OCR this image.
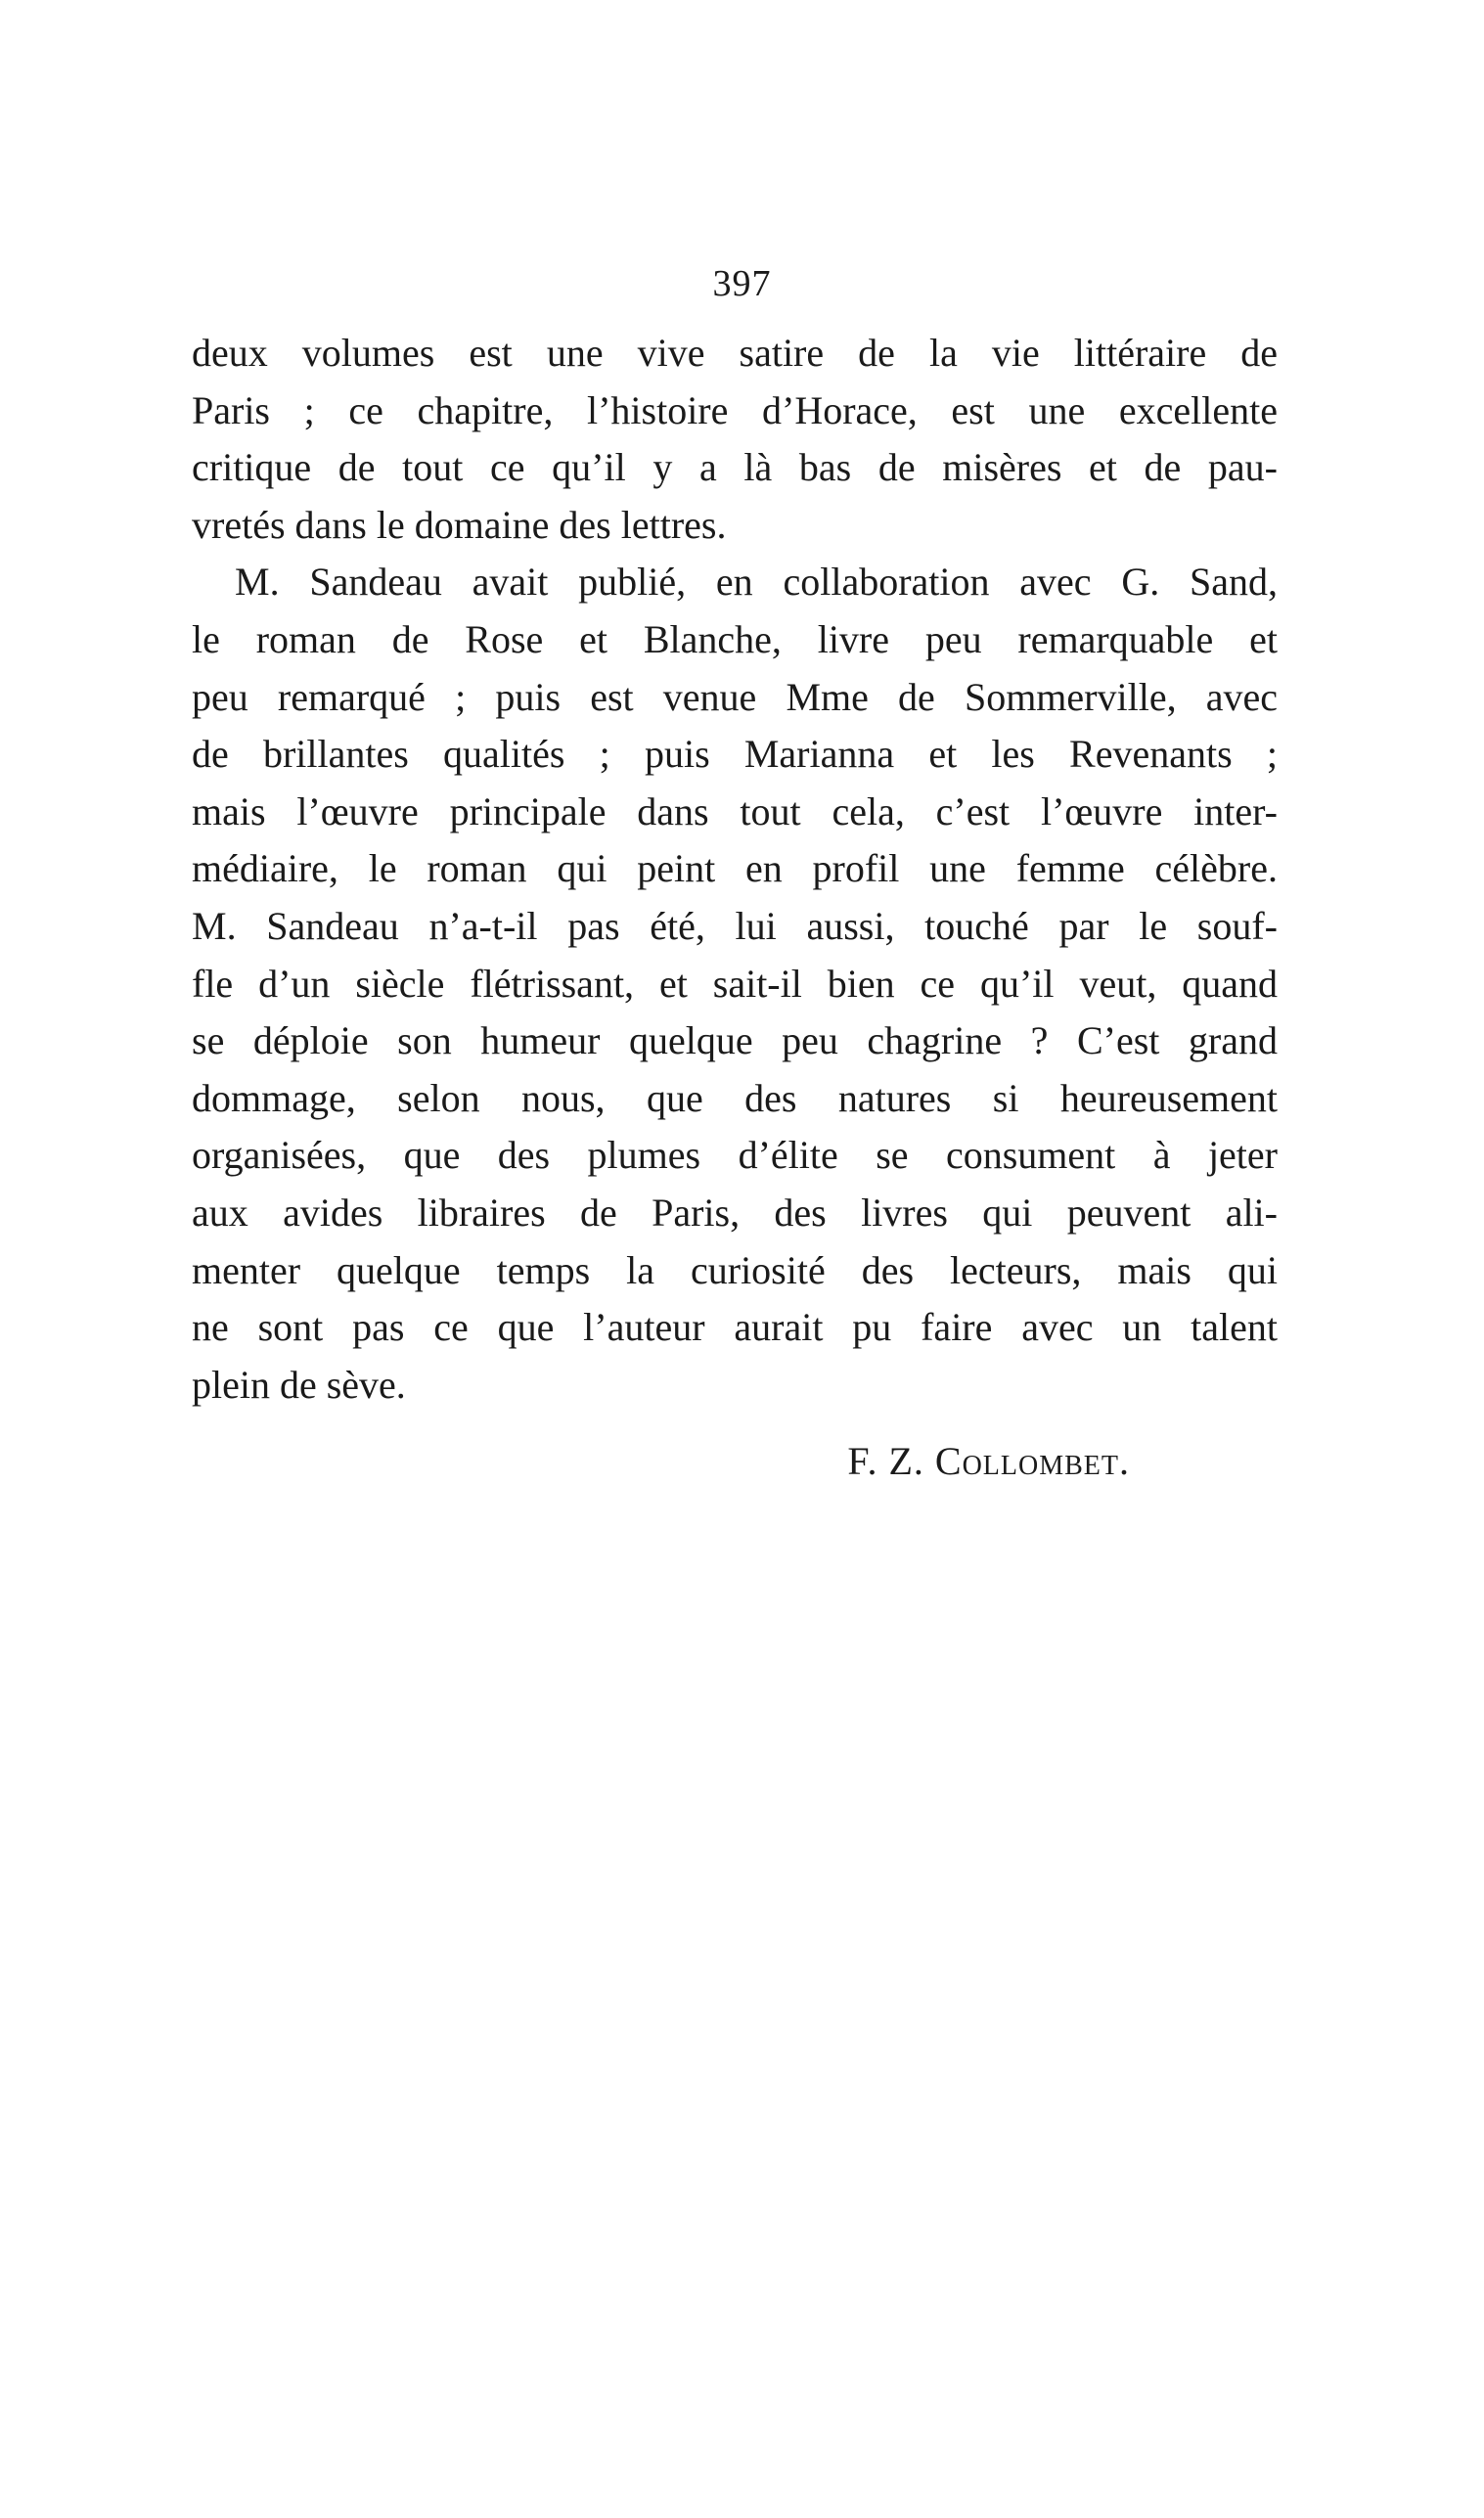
397
deux volumes est une vive satire de la vie littéraire de
Paris ; ce chapitre, l’histoire d’Horace, est une excellente
critique de tout ce qu’il y a là bas de misères et de pau-
vretés dans le domaine des lettres.
M. Sandeau avait publié, en collaboration avec G. Sand,
le roman de Rose et Blanche, livre peu remarquable et
peu remarqué ; puis est venue Mme de Sommerville, avec
de brillantes qualités ; puis Marianna et les Revenants ;
mais l’œuvre principale dans tout cela, c’est l’œuvre inter-
médiaire, le roman qui peint en profil une femme célèbre.
M. Sandeau n’a-t-il pas été, lui aussi, touché par le souf-
fle d’un siècle flétrissant, et sait-il bien ce qu’il veut, quand
se déploie son humeur quelque peu chagrine ? C’est grand
dommage, selon nous, que des natures si heureusement
organisées, que des plumes d’élite se consument à jeter
aux avides libraires de Paris, des livres qui peuvent ali-
menter quelque temps la curiosité des lecteurs, mais qui
ne sont pas ce que l’auteur aurait pu faire avec un talent
plein de sève.
F. Z. Collombet.
